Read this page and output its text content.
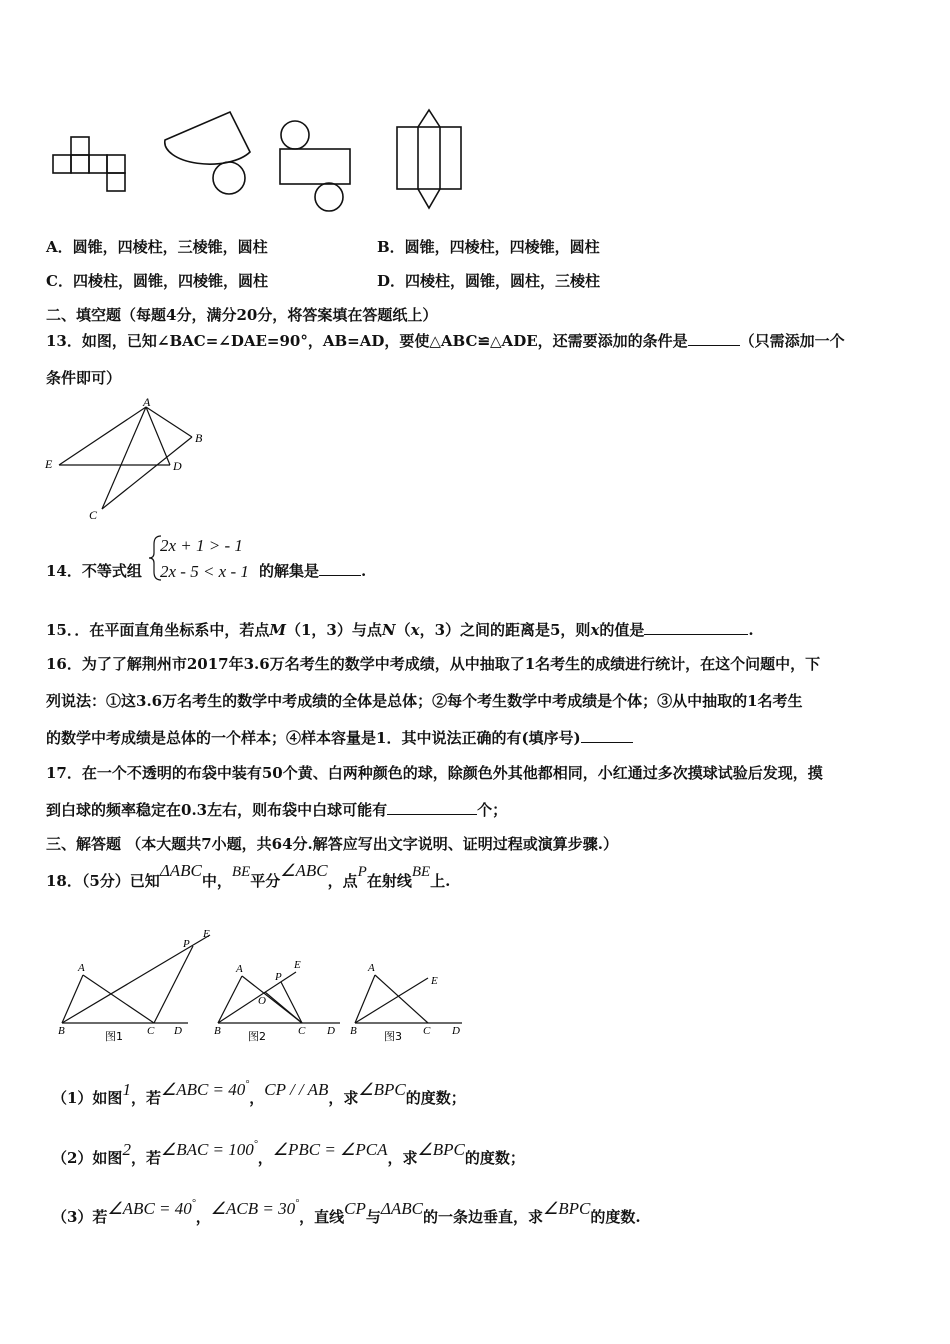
A．圆锥，四棱柱，三棱锥，圆柱	B．圆锥，四棱柱，四棱锥，圆柱
C．四棱柱，圆锥，四棱锥，圆柱	D．四棱柱，圆锥，圆柱，三棱柱
二、填空题（每题4分，满分20分，将答案填在答题纸上）
13．如图，已知∠BAC=∠DAE=90°，AB=AD，要使△ABC≌△ADE，还需要添加的条件是	（只需添加一个
条件即可）
A
B
C
D
E
14．不等式组
2x + 1 > - 1
2x - 5 < x - 1 的解集是	.
15．．在平面直角坐标系中，若点M（1，3）与点N（x，3）之间的距离是5，则x的值是	.
16．为了了解荆州市2017年3.6万名考生的数学中考成绩，从中抽取了1名考生的成绩进行统计，在这个问题中，下
列说法：①这3.6万名考生的数学中考成绩的全体是总体；②每个考生数学中考成绩是个体；③从中抽取的1名考生
的数学中考成绩是总体的一个样本；④样本容量是1．其中说法正确的有(填序号)
17．在一个不透明的布袋中装有50个黄、白两种颜色的球，除颜色外其他都相同，小红通过多次摸球试验后发现，摸
到白球的频率稳定在0.3左右，则布袋中白球可能有	个；
三、解答题 （本大题共7小题，共64分.解答应写出文字说明、证明过程或演算步骤.）
18．（5分）已知ΔABC中，BE平分∠ABC，点P在射线BE上.
A
B	C D
E
P
图1
A
B	C D
E
P
O
图2
A
B	C D
E
图3
（1）如图1，若∠ABC = 40°，CP / / AB，求∠BPC的度数；
（2）如图2，若∠BAC = 100°，∠PBC = ∠PCA，求∠BPC的度数；
（3）若∠ABC = 40°，∠ACB = 30°，直线CP与ΔABC的一条边垂直，求∠BPC的度数.
